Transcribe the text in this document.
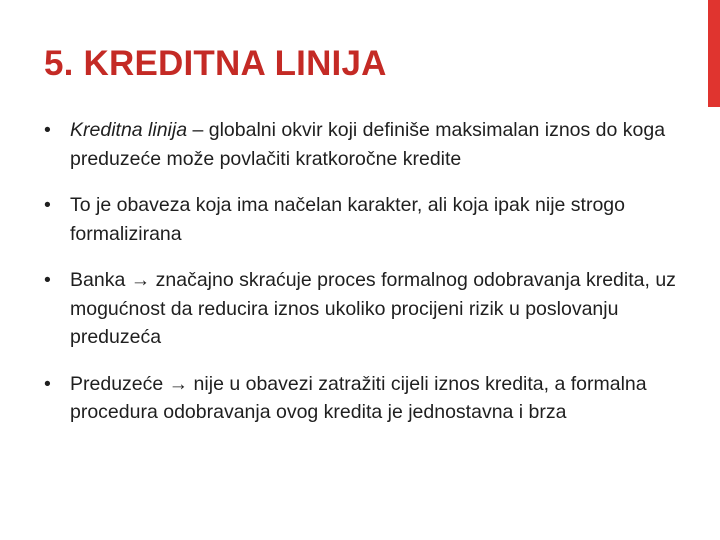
5. KREDITNA LINIJA
• Kreditna linija – globalni okvir koji definiše maksimalan iznos do koga preduzeće može povlačiti kratkoročne kredite
• To je obaveza koja ima načelan karakter, ali koja ipak nije strogo formalizirana
• Banka → značajno skraćuje proces formalnog odobravanja kredita, uz mogućnost da reducira iznos ukoliko procijeni rizik u poslovanju preduzeća
• Preduzeće → nije u obavezi zatražiti cijeli iznos kredita, a formalna procedura odobravanja ovog kredita je jednostavna i brza
